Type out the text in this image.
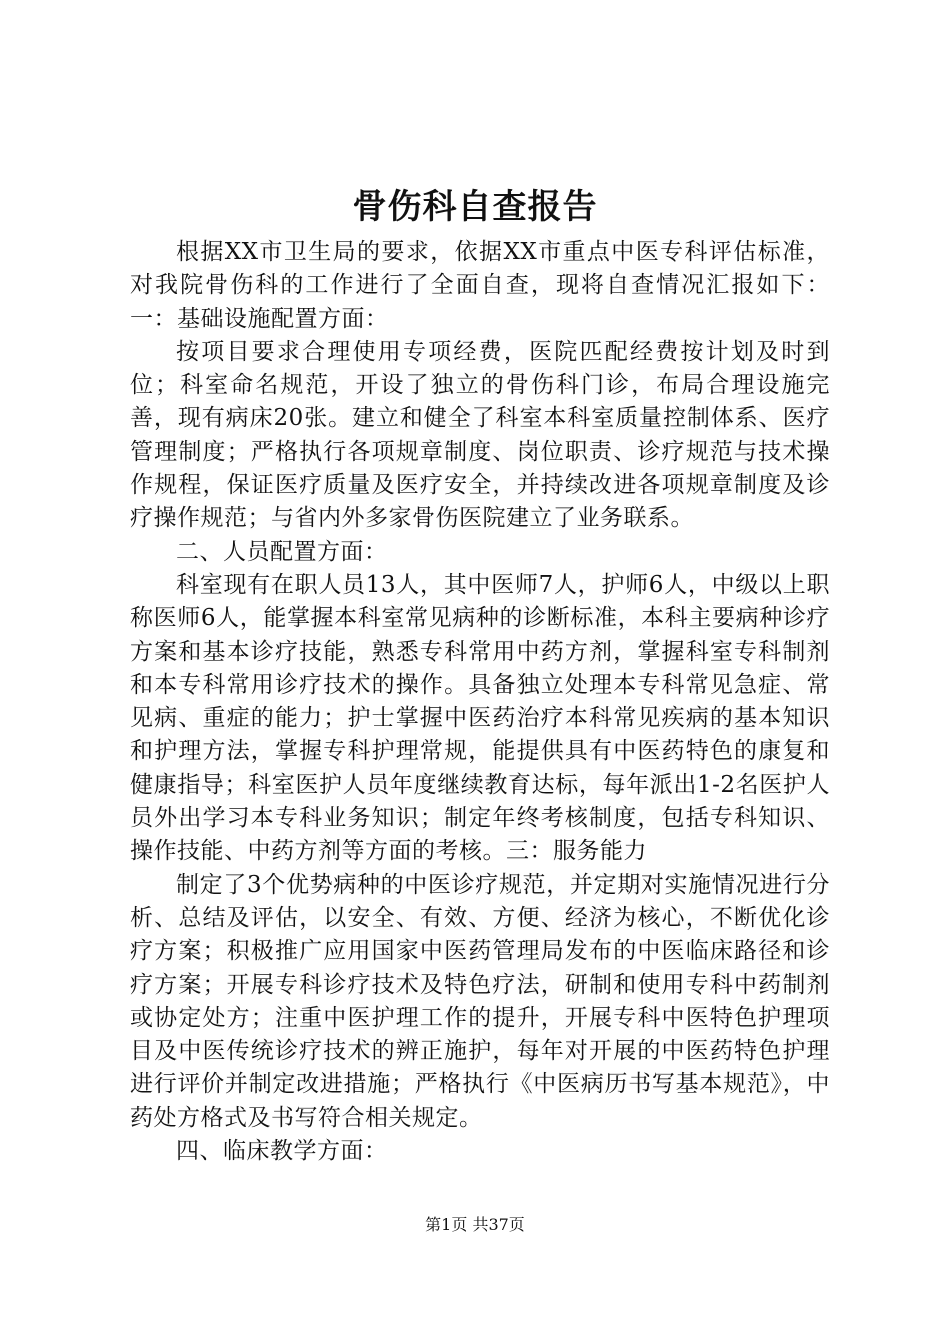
骨伤科自查报告

根据XX市卫生局的要求，依据XX市重点中医专科评估标准，对我院骨伤科的工作进行了全面自查，现将自查情况汇报如下：一：基础设施配置方面：

按项目要求合理使用专项经费，医院匹配经费按计划及时到位；科室命名规范，开设了独立的骨伤科门诊，布局合理设施完善，现有病床20张。建立和健全了科室本科室质量控制体系、医疗管理制度；严格执行各项规章制度、岗位职责、诊疗规范与技术操作规程，保证医疗质量及医疗安全，并持续改进各项规章制度及诊疗操作规范；与省内外多家骨伤医院建立了业务联系。

二、人员配置方面：

科室现有在职人员13人，其中医师7人，护师6人，中级以上职称医师6人，能掌握本科室常见病种的诊断标准，本科主要病种诊疗方案和基本诊疗技能，熟悉专科常用中药方剂，掌握科室专科制剂和本专科常用诊疗技术的操作。具备独立处理本专科常见急症、常见病、重症的能力；护士掌握中医药治疗本科常见疾病的基本知识和护理方法，掌握专科护理常规，能提供具有中医药特色的康复和健康指导；科室医护人员年度继续教育达标，每年派出1-2名医护人员外出学习本专科业务知识；制定年终考核制度，包括专科知识、操作技能、中药方剂等方面的考核。三：服务能力

制定了3个优势病种的中医诊疗规范，并定期对实施情况进行分析、总结及评估，以安全、有效、方便、经济为核心，不断优化诊疗方案；积极推广应用国家中医药管理局发布的中医临床路径和诊疗方案；开展专科诊疗技术及特色疗法，研制和使用专科中药制剂或协定处方；注重中医护理工作的提升，开展专科中医特色护理项目及中医传统诊疗技术的辨正施护，每年对开展的中医药特色护理进行评价并制定改进措施；严格执行《中医病历书写基本规范》，中药处方格式及书写符合相关规定。

四、临床教学方面：

第1页 共37页
